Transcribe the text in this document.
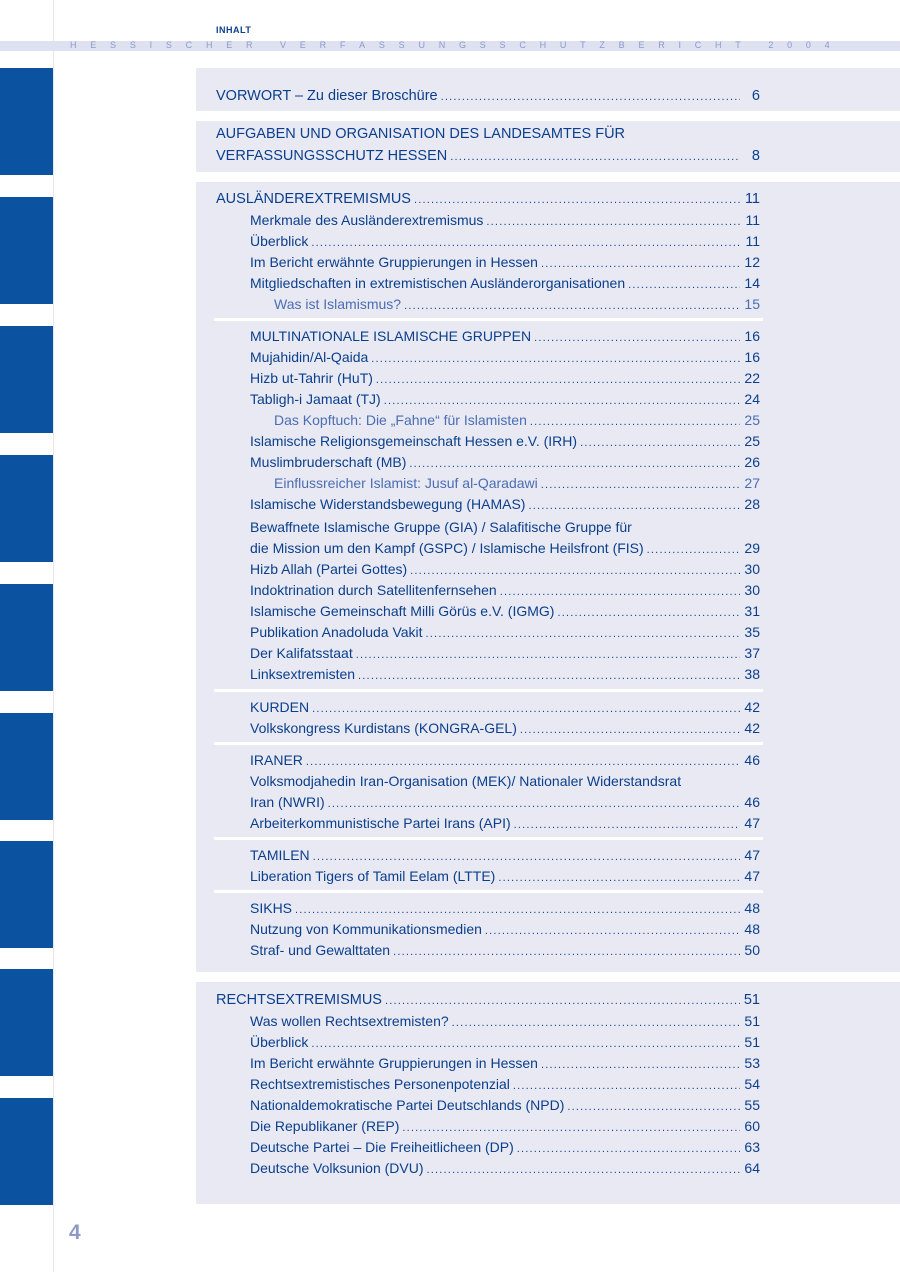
INHALT
H E S S I S C H E R	V E R F A S S U N G S S C H U T Z B E R I C H T	2 0 0 4
VORWORT – Zu dieser Broschüre .....	6
AUFGABEN UND ORGANISATION DES LANDESAMTES FÜR
VERFASSUNGSSCHUTZ HESSEN .....	8
AUSLÄNDEREXTREMISMUS .....	11
Merkmale des Ausländerextremismus .....	11
Überblick .....	11
Im Bericht erwähnte Gruppierungen in Hessen .....	12
Mitgliedschaften in extremistischen Ausländerorganisationen .....	14
Was ist Islamismus? .....	15
MULTINATIONALE ISLAMISCHE GRUPPEN .....	16
Mujahidin/Al-Qaida .....	16
Hizb ut-Tahrir (HuT) .....	22
Tabligh-i Jamaat (TJ) .....	24
Das Kopftuch: Die „Fahne“ für Islamisten .....	25
Islamische Religionsgemeinschaft Hessen e.V. (IRH) .....	25
Muslimbruderschaft (MB) .....	26
Einflussreicher Islamist: Jusuf al-Qaradawi .....	27
Islamische Widerstandsbewegung (HAMAS) .....	28
Bewaffnete Islamische Gruppe (GIA) / Salafitische Gruppe für
die Mission um den Kampf (GSPC) / Islamische Heilsfront (FIS) .....	29
Hizb Allah (Partei Gottes) .....	30
Indoktrination durch Satellitenfernsehen .....	30
Islamische Gemeinschaft Milli Görüs e.V. (IGMG) .....	31
Publikation Anadoluda Vakit .....	35
Der Kalifatsstaat .....	37
Linksextremisten .....	38
KURDEN .....	42
Volkskongress Kurdistans (KONGRA-GEL) .....	42
IRANER .....	46
Volksmodjahedin Iran-Organisation (MEK)/ Nationaler Widerstandsrat
Iran (NWRI) .....	46
Arbeiterkommunistische Partei Irans (API) .....	47
TAMILEN .....	47
Liberation Tigers of Tamil Eelam (LTTE) .....	47
SIKHS .....	48
Nutzung von Kommunikationsmedien .....	48
Straf- und Gewalttaten .....	50
RECHTSEXTREMISMUS .....	51
Was wollen Rechtsextremisten? .....	51
Überblick .....	51
Im Bericht erwähnte Gruppierungen in Hessen .....	53
Rechtsextremistisches Personenpotenzial .....	54
Nationaldemokratische Partei Deutschlands (NPD) .....	55
Die Republikaner (REP) .....	60
Deutsche Partei – Die Freiheitlicheen (DP) .....	63
Deutsche Volksunion (DVU) .....	64
4
